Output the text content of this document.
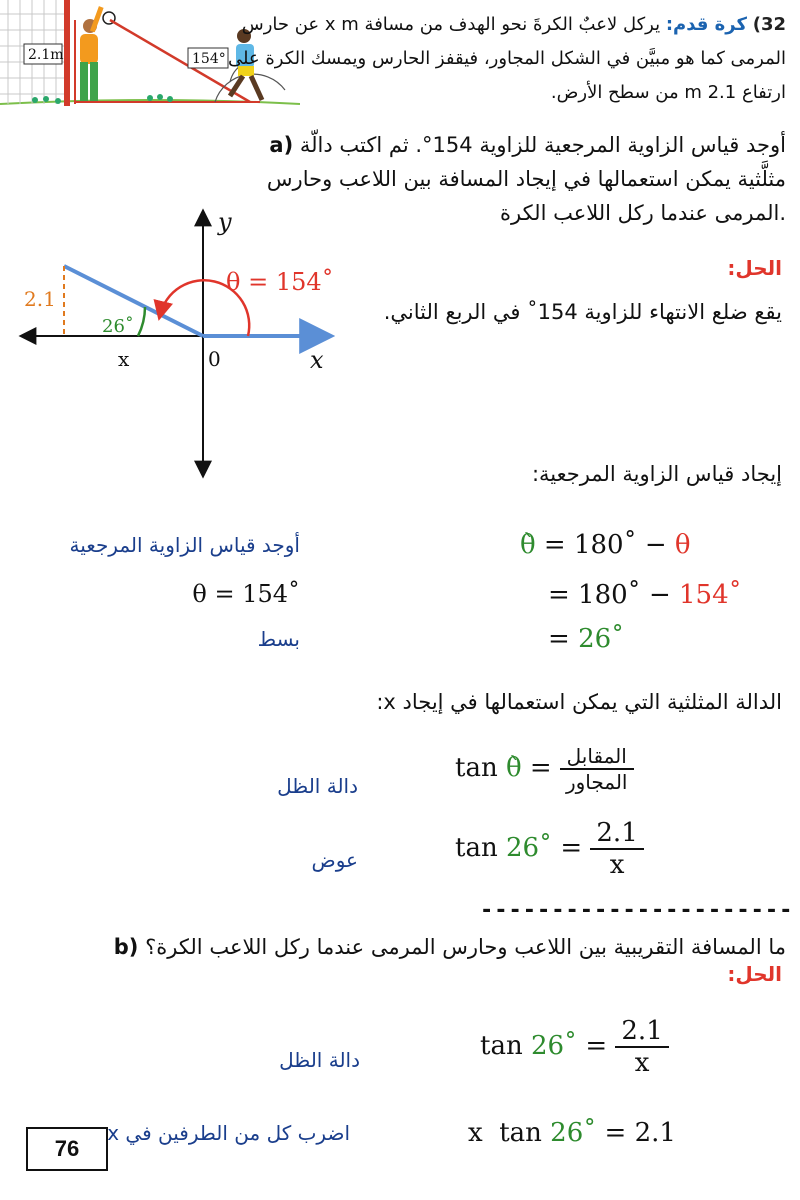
2.1m	154°
32) كرة قدم: يركل لاعبٌ الكرةَ نحو الهدف من مسافة x m عن حارس المرمى كما هو مبيَّن في الشكل المجاور، فيقفز الحارس ويمسك الكرة على ارتفاع 2.1 m من سطح الأرض.
a) أوجد قياس الزاوية المرجعية للزاوية 154°. ثم اكتب دالّة مثلَّثية يمكن استعمالها في إيجاد المسافة بين اللاعب وحارس المرمى عندما ركل اللاعب الكرة.
الحل:
يقع ضلع الانتهاء للزاوية 154˚ في الربع الثاني.
y
x
0
2.1
x
26˚
θ = 154˚
إيجاد قياس الزاوية المرجعية:
θ̀ = 180˚ − θ
أوجد قياس الزاوية المرجعية
= 180˚ − 154˚
θ = 154˚
= 26˚
بسط
الدالة المثلثية التي يمكن استعمالها في إيجاد x:
tan θ̀ = $\frac{\text{المقابل}}{\text{المجاور}}$
دالة الظل
tan 26˚ = $\frac{2.1}{x}$
عوض
----------------------
b) ما المسافة التقريبية بين اللاعب وحارس المرمى عندما ركل اللاعب الكرة؟
الحل:
tan 26˚ = $\frac{2.1}{x}$
دالة الظل
x  tan 26˚ = 2.1
اضرب كل من الطرفين في x
76
